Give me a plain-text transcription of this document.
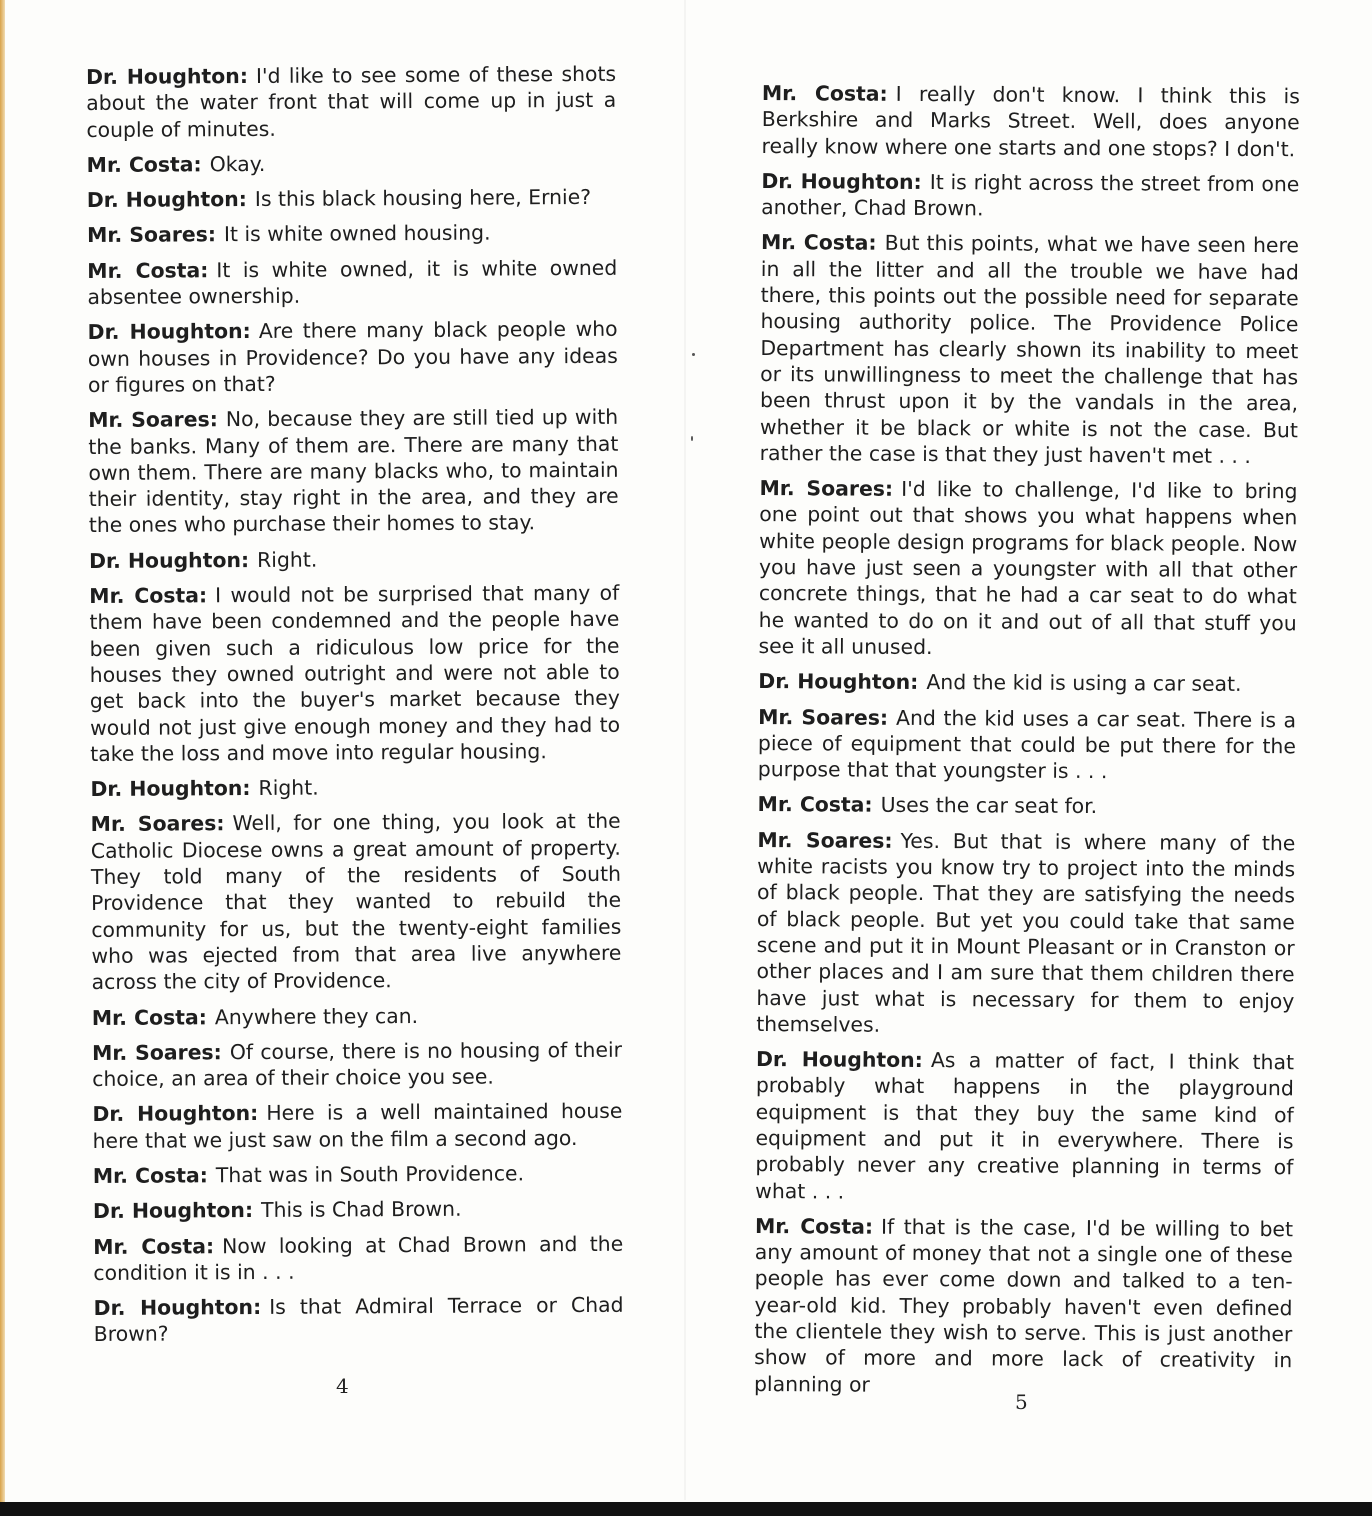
Dr. Houghton: I'd like to see some of these shots about the water front that will come up in just a couple of minutes.

Mr. Costa: Okay.

Dr. Houghton: Is this black housing here, Ernie?

Mr. Soares: It is white owned housing.

Mr. Costa: It is white owned, it is white owned absentee ownership.

Dr. Houghton: Are there many black people who own houses in Providence? Do you have any ideas or figures on that?

Mr. Soares: No, because they are still tied up with the banks. Many of them are. There are many that own them. There are many blacks who, to maintain their identity, stay right in the area, and they are the ones who purchase their homes to stay.

Dr. Houghton: Right.

Mr. Costa: I would not be surprised that many of them have been condemned and the people have been given such a ridiculous low price for the houses they owned outright and were not able to get back into the buyer's market because they would not just give enough money and they had to take the loss and move into regular housing.

Dr. Houghton: Right.

Mr. Soares: Well, for one thing, you look at the Catholic Diocese owns a great amount of property. They told many of the residents of South Providence that they wanted to rebuild the community for us, but the twenty-eight families who was ejected from that area live anywhere across the city of Providence.

Mr. Costa: Anywhere they can.

Mr. Soares: Of course, there is no housing of their choice, an area of their choice you see.

Dr. Houghton: Here is a well maintained house here that we just saw on the film a second ago.

Mr. Costa: That was in South Providence.

Dr. Houghton: This is Chad Brown.

Mr. Costa: Now looking at Chad Brown and the condition it is in . . .

Dr. Houghton: Is that Admiral Terrace or Chad Brown?

Mr. Costa: I really don't know. I think this is Berkshire and Marks Street. Well, does anyone really know where one starts and one stops? I don't.

Dr. Houghton: It is right across the street from one another, Chad Brown.

Mr. Costa: But this points, what we have seen here in all the litter and all the trouble we have had there, this points out the possible need for separate housing authority police. The Providence Police Department has clearly shown its inability to meet or its unwillingness to meet the challenge that has been thrust upon it by the vandals in the area, whether it be black or white is not the case. But rather the case is that they just haven't met . . .

Mr. Soares: I'd like to challenge, I'd like to bring one point out that shows you what happens when white people design programs for black people. Now you have just seen a youngster with all that other concrete things, that he had a car seat to do what he wanted to do on it and out of all that stuff you see it all unused.

Dr. Houghton: And the kid is using a car seat.

Mr. Soares: And the kid uses a car seat. There is a piece of equipment that could be put there for the purpose that that youngster is . . .

Mr. Costa: Uses the car seat for.

Mr. Soares: Yes. But that is where many of the white racists you know try to project into the minds of black people. That they are satisfying the needs of black people. But yet you could take that same scene and put it in Mount Pleasant or in Cranston or other places and I am sure that them children there have just what is necessary for them to enjoy themselves.

Dr. Houghton: As a matter of fact, I think that probably what happens in the playground equipment is that they buy the same kind of equipment and put it in everywhere. There is probably never any creative planning in terms of what . . .

Mr. Costa: If that is the case, I'd be willing to bet any amount of money that not a single one of these people has ever come down and talked to a ten-year-old kid. They probably haven't even defined the clientele they wish to serve. This is just another show of more and more lack of creativity in planning or

4
5
